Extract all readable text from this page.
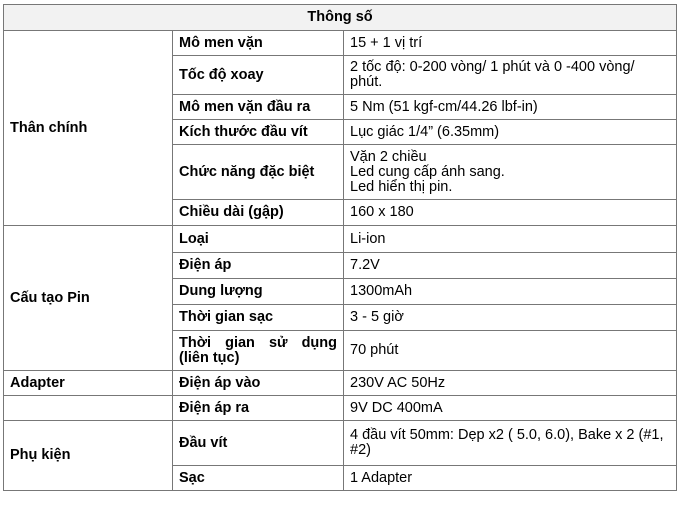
Thông số		
Thân chính	Mô men vặn	15 + 1 vị trí
	Tốc độ xoay	2 tốc độ: 0-200 vòng/ 1 phút và 0 -400 vòng/ phút.
	Mô men vặn đầu ra	5 Nm (51 kgf-cm/44.26 lbf-in)
	Kích thước đầu vít	Lục giác 1/4” (6.35mm)
	Chức năng đặc biệt	Vặn 2 chiều
Led cung cấp ánh sang.
Led hiển thị pin.

	Chiều dài (gập)	160 x 180
Cấu tạo Pin	Loại	Li-ion
	Điện áp	7.2V
	Dung lượng	1300mAh
	Thời gian sạc	3 - 5 giờ
	Thời gian sử dụng (liên tục)	70 phút
Adapter	Điện áp vào	230V AC 50Hz
	Điện áp ra	9V DC 400mA
Phụ kiện	Đầu vít	4 đầu vít 50mm: Dẹp x2 ( 5.0, 6.0), Bake x 2 (#1, #2)
	Sạc	1 Adapter
